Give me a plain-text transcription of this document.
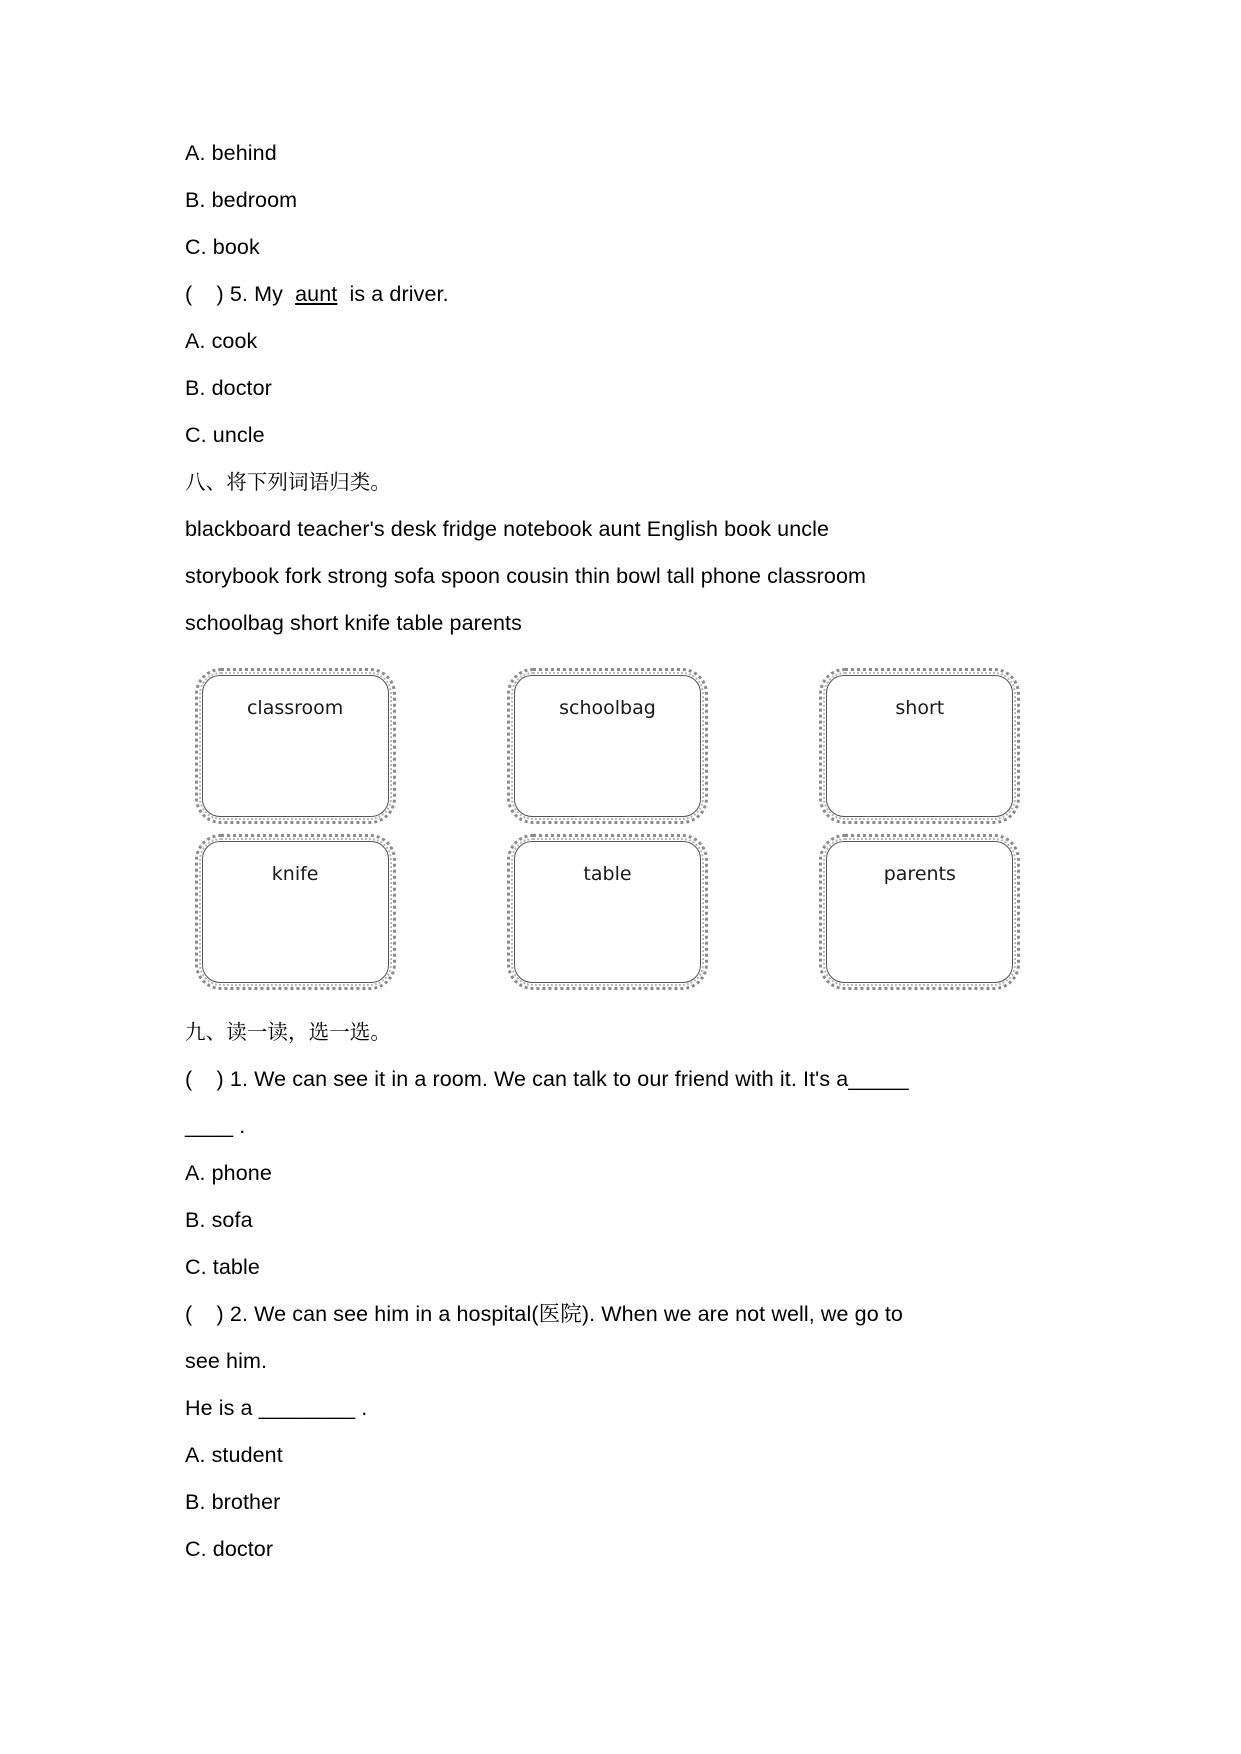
A. behind
B. bedroom
C. book
(    ) 5. My  aunt  is a driver.
A. cook
B. doctor
C. uncle
八、将下列词语归类。
blackboard teacher's desk fridge notebook aunt English book uncle
storybook fork strong sofa spoon cousin thin bowl tall phone classroom
schoolbag short knife table parents
classroom	schoolbag	short
knife	table	parents
九、读一读，选一选。
(    ) 1. We can see it in a room. We can talk to our friend with it. It's a_____
____ .
A. phone
B. sofa
C. table
(    ) 2. We can see him in a hospital(医院). When we are not well, we go to
see him.
He is a ________ .
A. student
B. brother
C. doctor
